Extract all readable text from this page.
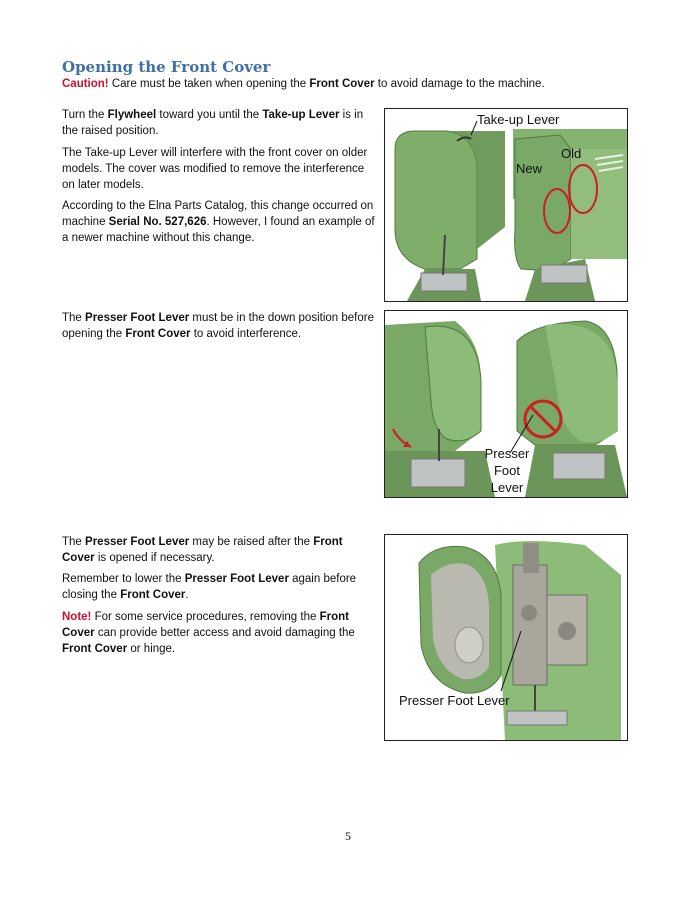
Opening the Front Cover

Caution! Care must be taken when opening the Front Cover to avoid damage to the machine.

Turn the Flywheel toward you until the Take-up Lever is in the raised position.

The Take-up Lever will interfere with the front cover on older models. The cover was modified to remove the interference on later models.

According to the Elna Parts Catalog, this change occurred on machine Serial No. 527,626. However, I found an example of a newer machine without this change.

Take-up Lever
New
Old

The Presser Foot Lever must be in the down position before opening the Front Cover to avoid interference.

Presser
Foot
Lever

The Presser Foot Lever may be raised after the Front Cover is opened if necessary.

Remember to lower the Presser Foot Lever again before closing the Front Cover.

Note! For some service procedures, removing the Front Cover can provide better access and avoid damaging the Front Cover or hinge.

Presser Foot Lever
5
